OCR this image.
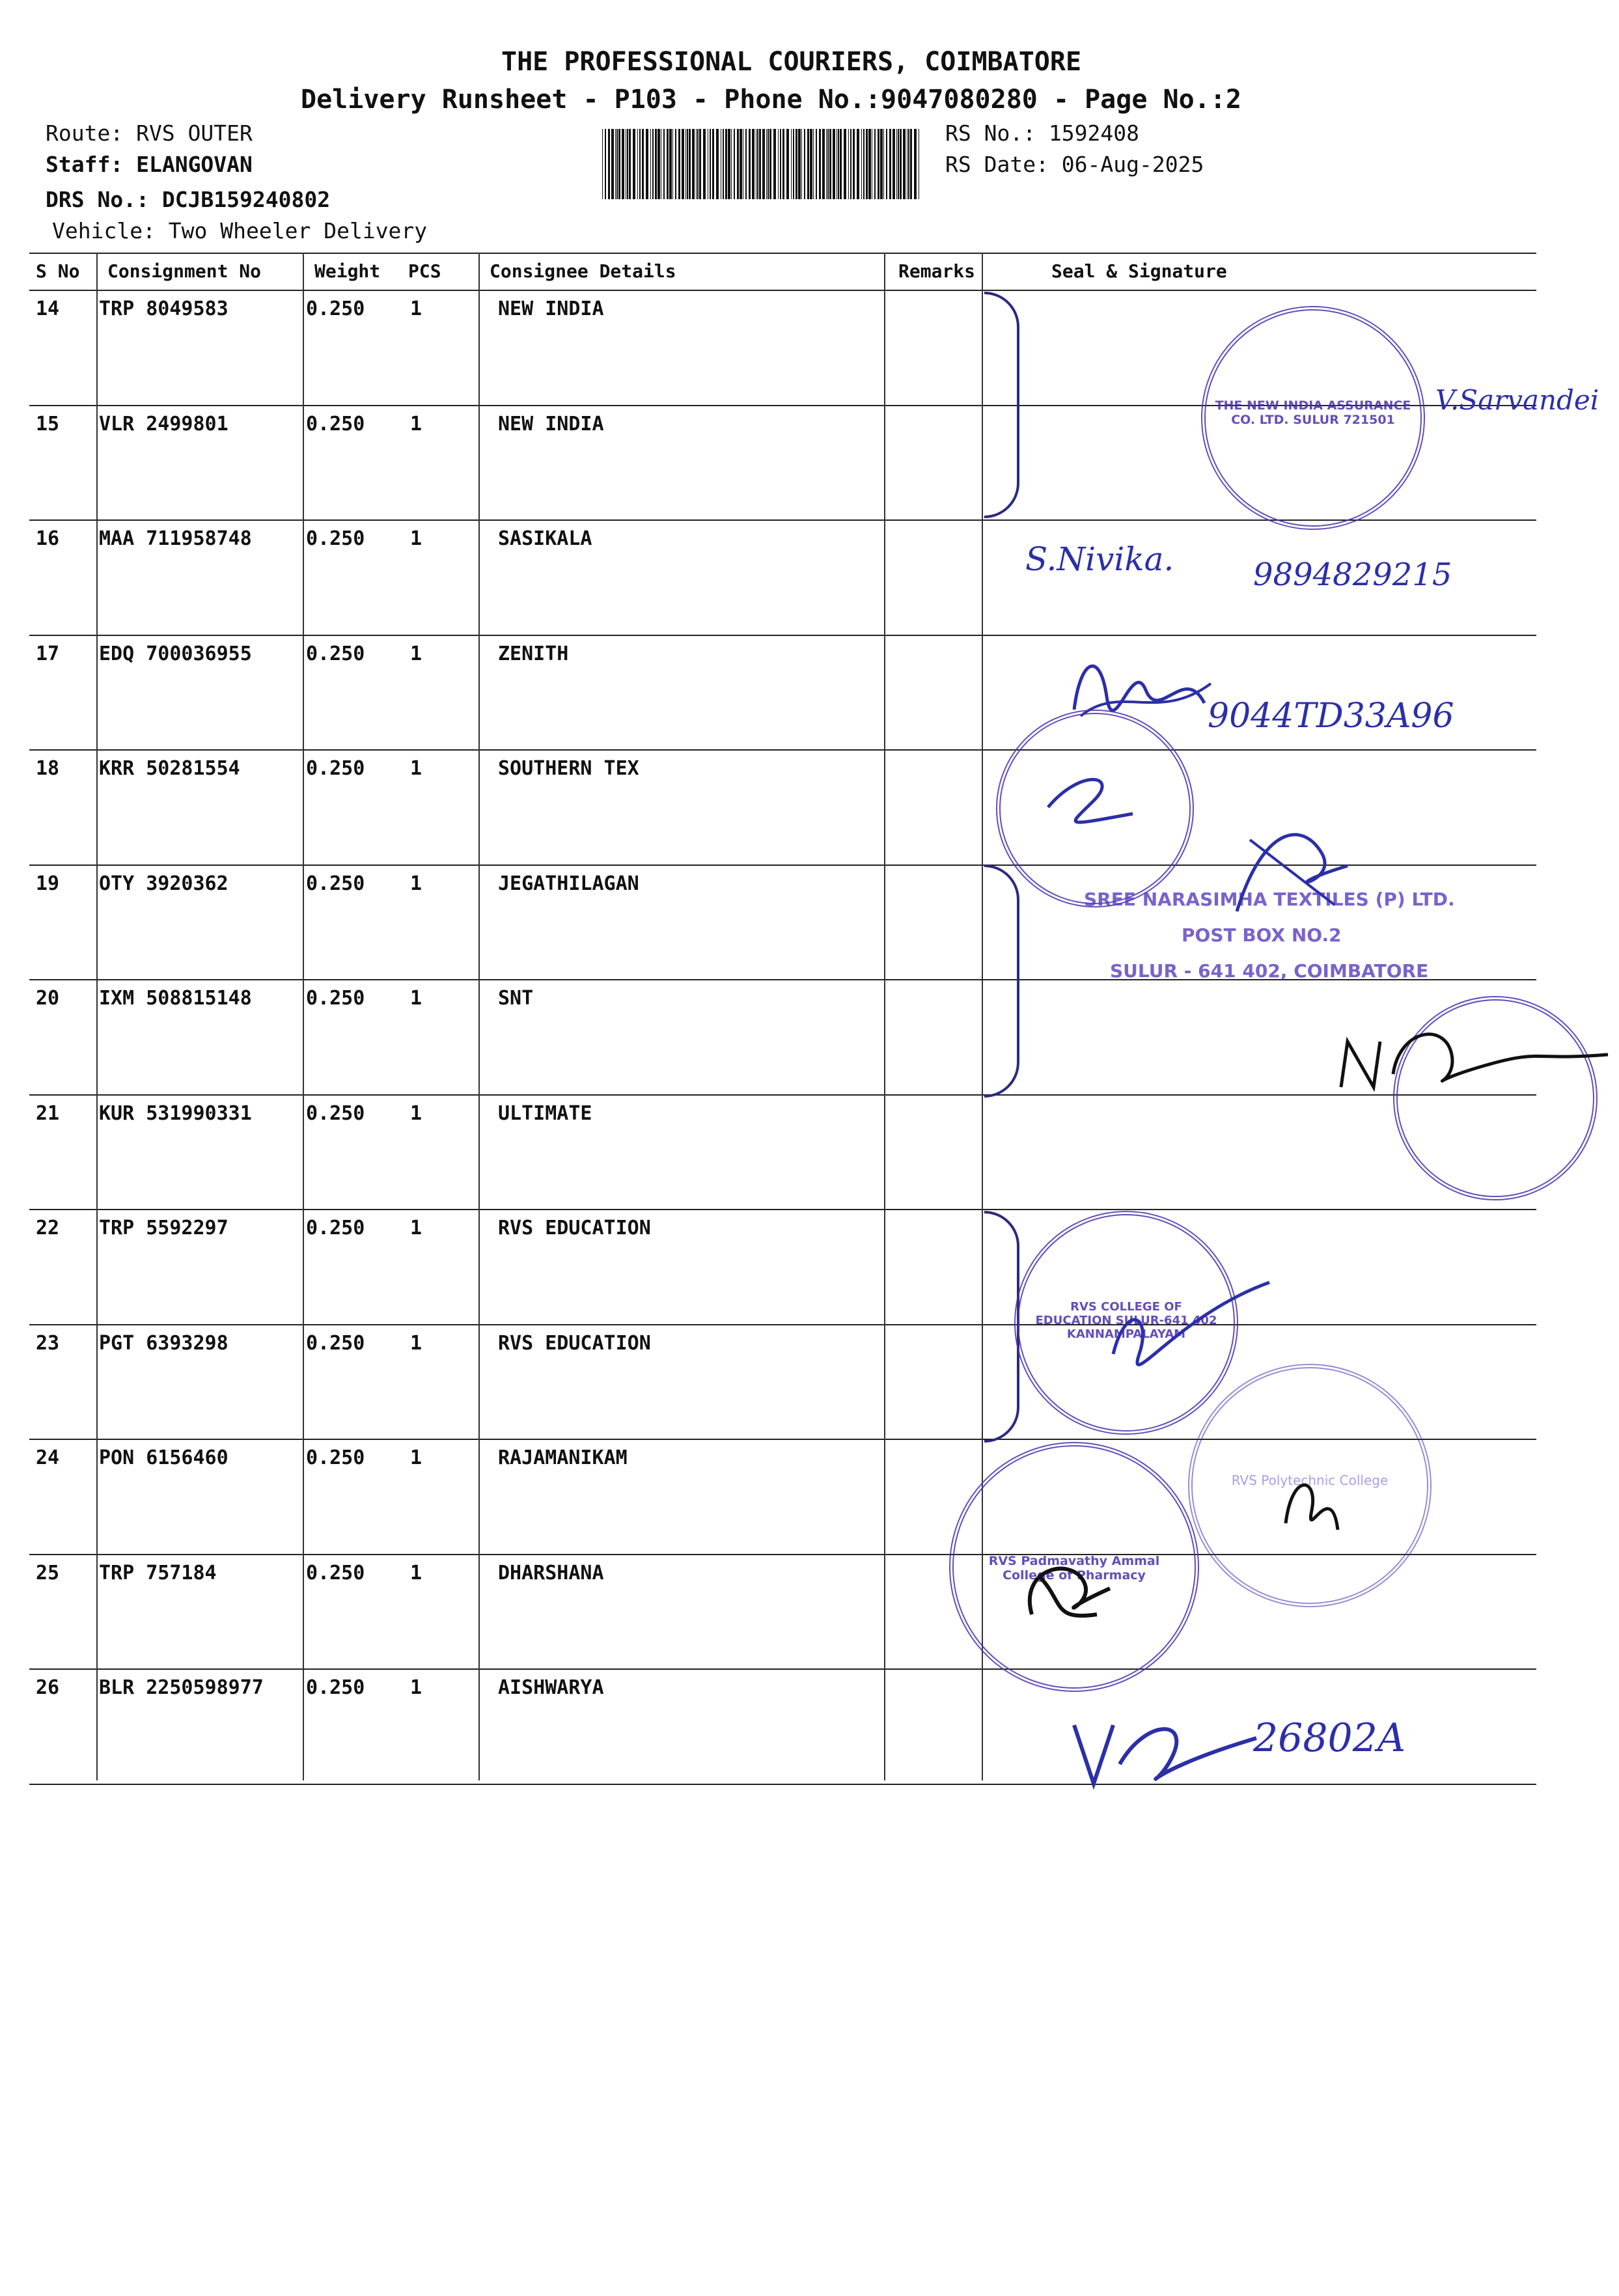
THE PROFESSIONAL COURIERS, COIMBATORE
Delivery Runsheet - P103 - Phone No.:9047080280 - Page No.:2
Route: RVS OUTER
Staff: ELANGOVAN
DRS No.: DCJB159240802
Vehicle: Two Wheeler Delivery
RS No.: 1592408
RS Date: 06-Aug-2025
S No Consignment No	Weight PCS	Consignee Details	Remarks	Seal & Signature
14 TRP 8049583	0.250 1	NEW INDIA
15 VLR 2499801	0.250 1	NEW INDIA
16 MAA 711958748	0.250 1	SASIKALA
17 EDQ 700036955	0.250 1	ZENITH
18 KRR 50281554	0.250 1	SOUTHERN TEX
19 OTY 3920362	0.250 1	JEGATHILAGAN
20 IXM 508815148	0.250 1	SNT
21 KUR 531990331	0.250 1	ULTIMATE
22 TRP 5592297	0.250 1	RVS EDUCATION
23 PGT 6393298	0.250 1	RVS EDUCATION
24 PON 6156460	0.250 1	RAJAMANIKAM
25 TRP 757184	0.250 1	DHARSHANA
26 BLR 2250598977 0.250 1	AISHWARYA
THE NEW INDIA ASSURANCE CO. LTD. SULUR 721501
V.Sarvandei
S.Nivika.	9894829215
9044TD33A96
SREE NARASIMHA TEXTILES (P) LTD.
POST BOX NO.2
SULUR - 641 402, COIMBATORE
RVS COLLEGE OF EDUCATION SULUR-641 402 KANNAMPALAYAM
RVS Polytechnic College
RVS Padmavathy Ammal College of Pharmacy
26802A
